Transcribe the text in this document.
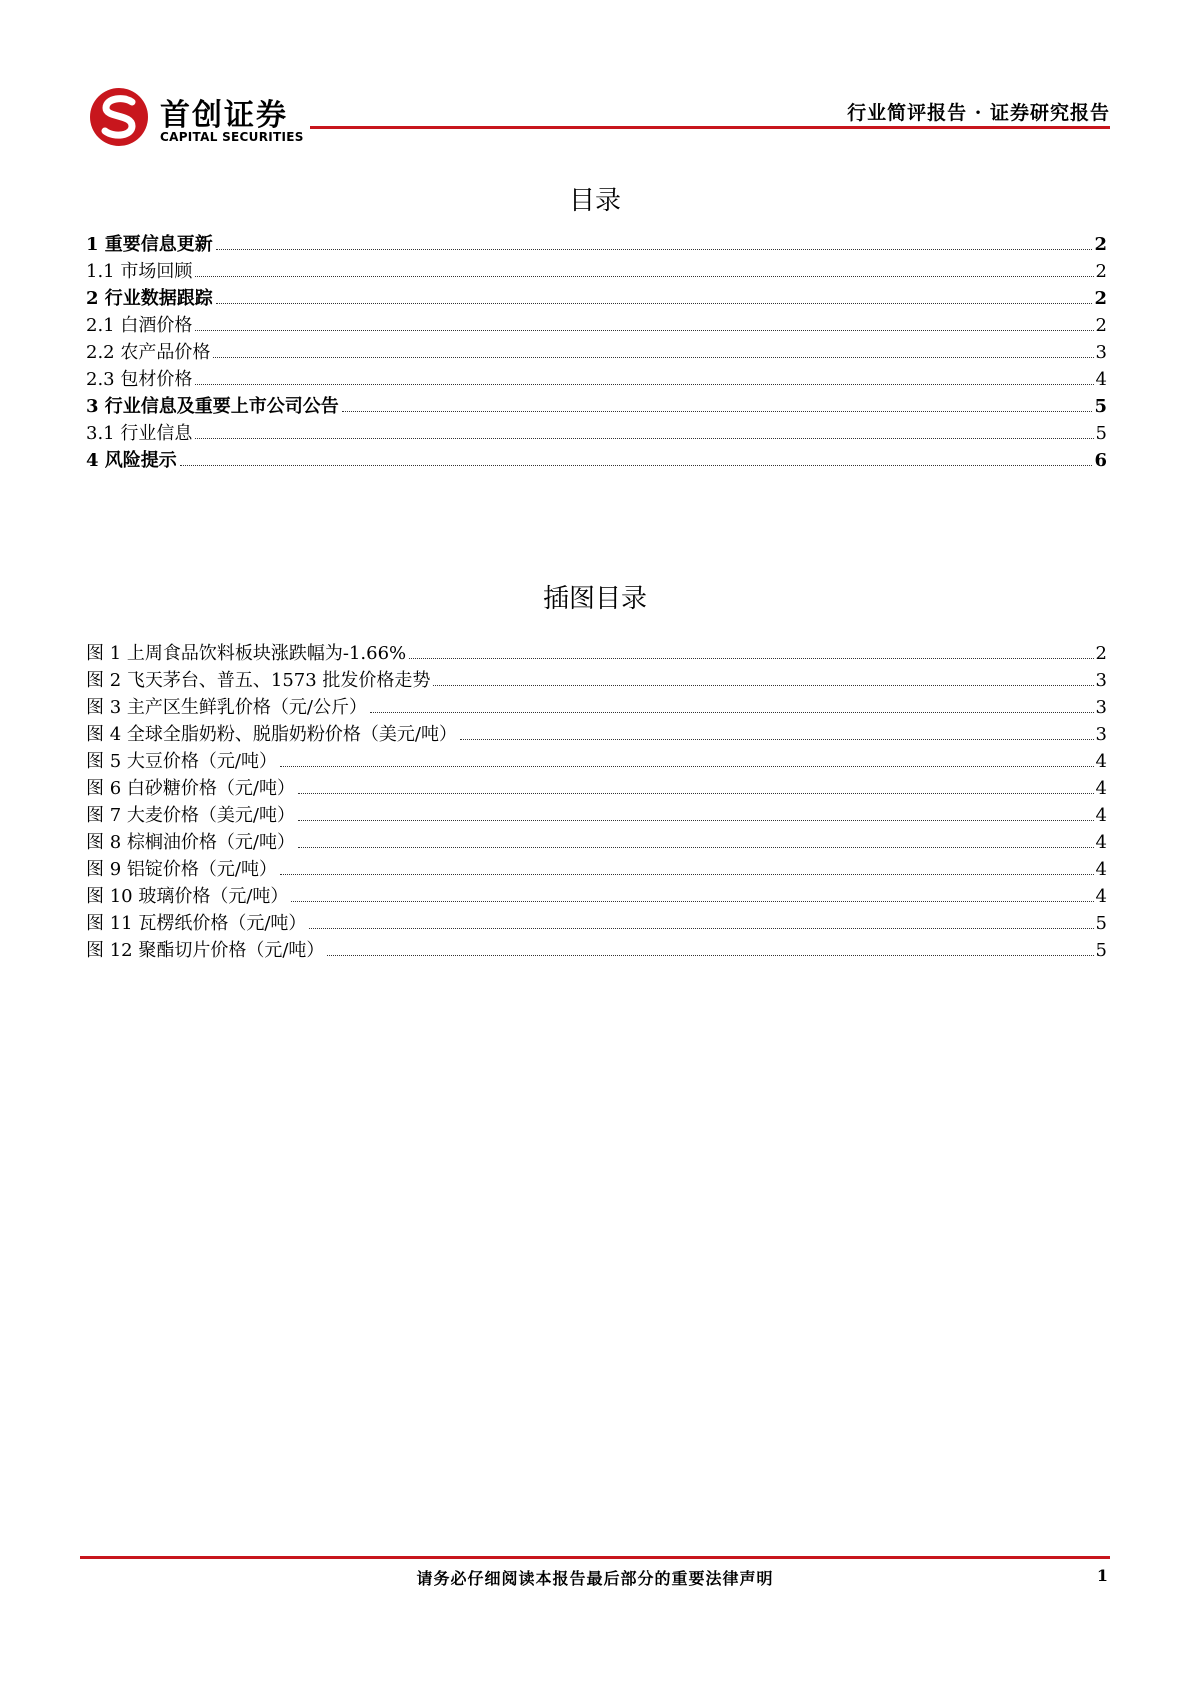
首创证券
CAPITAL SECURITIES
行业简评报告 · 证券研究报告
目录
1 重要信息更新	2
1.1 市场回顾	2
2 行业数据跟踪	2
2.1 白酒价格	2
2.2 农产品价格	3
2.3 包材价格	4
3 行业信息及重要上市公司公告	5
3.1 行业信息	5
4 风险提示	6
插图目录
图 1 上周食品饮料板块涨跌幅为-1.66%	2
图 2 飞天茅台、普五、1573 批发价格走势	3
图 3 主产区生鲜乳价格（元/公斤）	3
图 4 全球全脂奶粉、脱脂奶粉价格（美元/吨）	3
图 5 大豆价格（元/吨）	4
图 6 白砂糖价格（元/吨）	4
图 7 大麦价格（美元/吨）	4
图 8 棕榈油价格（元/吨）	4
图 9 铝锭价格（元/吨）	4
图 10 玻璃价格（元/吨）	4
图 11 瓦楞纸价格（元/吨）	5
图 12 聚酯切片价格（元/吨）	5
请务必仔细阅读本报告最后部分的重要法律声明	1
